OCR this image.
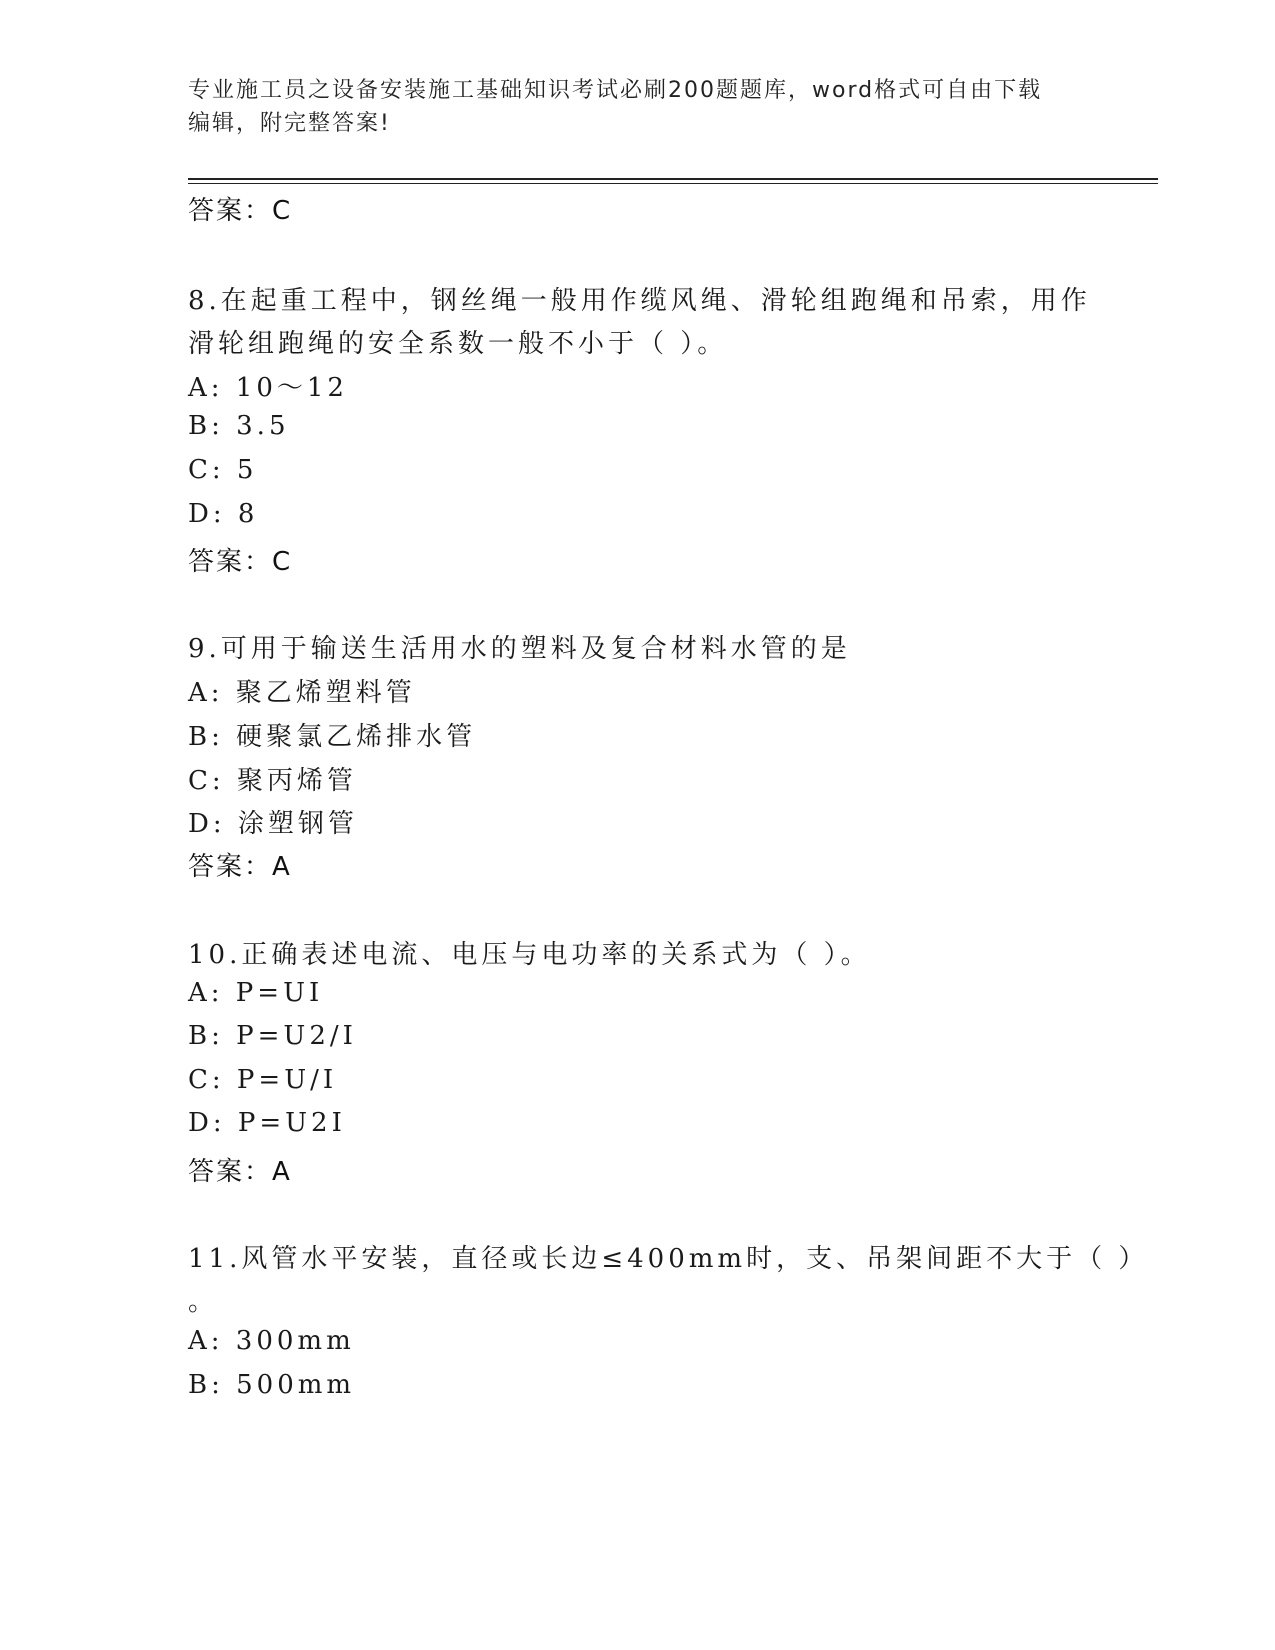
专业施工员之设备安装施工基础知识考试必刷200题题库，word格式可自由下载
编辑，附完整答案!
答案：C
8.在起重工程中，钢丝绳一般用作缆风绳、滑轮组跑绳和吊索，用作
滑轮组跑绳的安全系数一般不小于（ ）。
A: 10～12
B: 3.5
C: 5
D: 8
答案：C
9.可用于输送生活用水的塑料及复合材料水管的是
A: 聚乙烯塑料管
B: 硬聚氯乙烯排水管
C: 聚丙烯管
D: 涂塑钢管
答案：A
10.正确表述电流、电压与电功率的关系式为（ ）。
A: P=UI
B: P=U2/I
C: P=U/I
D: P=U2I
答案：A
11.风管水平安装，直径或长边≤400mm时，支、吊架间距不大于（ ）
。
A: 300mm
B: 500mm
